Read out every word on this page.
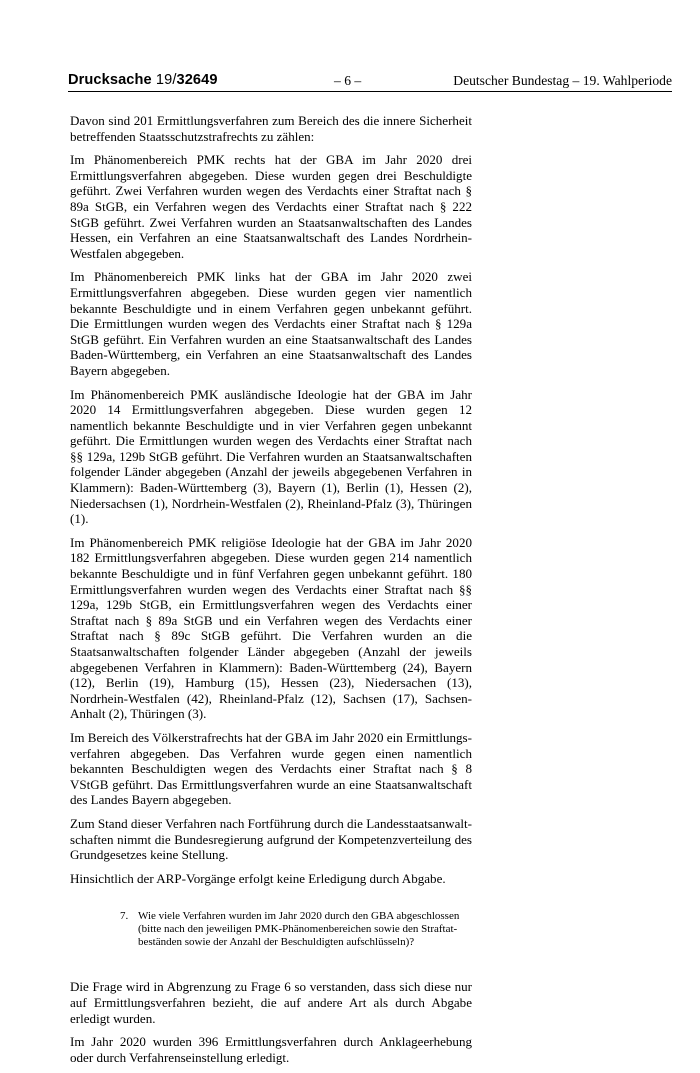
Drucksache 19/32649	– 6 –	Deutscher Bundestag – 19. Wahlperiode

Davon sind 201 Ermittlungsverfahren zum Bereich des die innere Sicherheit betreffenden Staatsschutzstrafrechts zu zählen:

Im Phänomenbereich PMK rechts hat der GBA im Jahr 2020 drei Ermittlungsverfahren abgegeben. Diese wurden gegen drei Beschuldigte geführt. Zwei Verfahren wurden wegen des Verdachts einer Straftat nach § 89a StGB, ein Verfahren wegen des Verdachts einer Straftat nach § 222 StGB geführt. Zwei Verfahren wurden an Staatsanwaltschaften des Landes Hessen, ein Verfahren an eine Staatsanwaltschaft des Landes Nordrhein-Westfalen abgegeben.

Im Phänomenbereich PMK links hat der GBA im Jahr 2020 zwei Ermittlungsverfahren abgegeben. Diese wurden gegen vier namentlich bekannte Beschuldigte und in einem Verfahren gegen unbekannt geführt. Die Ermittlungen wurden wegen des Verdachts einer Straftat nach § 129a StGB geführt. Ein Verfahren wurden an eine Staatsanwaltschaft des Landes Baden-Württemberg, ein Verfahren an eine Staatsanwaltschaft des Landes Bayern abgegeben.

Im Phänomenbereich PMK ausländische Ideologie hat der GBA im Jahr 2020 14 Ermittlungsverfahren abgegeben. Diese wurden gegen 12 namentlich bekannte Beschuldigte und in vier Verfahren gegen unbekannt geführt. Die Ermittlungen wurden wegen des Verdachts einer Straftat nach §§ 129a, 129b StGB geführt. Die Verfahren wurden an Staatsanwaltschaften folgender Länder abgegeben (Anzahl der jeweils abgegebenen Verfahren in Klammern): Baden-Württemberg (3), Bayern (1), Berlin (1), Hessen (2), Niedersachsen (1), Nordrhein-Westfalen (2), Rheinland-Pfalz (3), Thüringen (1).

Im Phänomenbereich PMK religiöse Ideologie hat der GBA im Jahr 2020 182 Ermittlungsverfahren abgegeben. Diese wurden gegen 214 namentlich bekannte Beschuldigte und in fünf Verfahren gegen unbekannt geführt. 180 Ermittlungsverfahren wurden wegen des Verdachts einer Straftat nach §§ 129a, 129b StGB, ein Ermittlungsverfahren wegen des Verdachts einer Straftat nach § 89a StGB und ein Verfahren wegen des Verdachts einer Straftat nach § 89c StGB geführt. Die Verfahren wurden an die Staatsanwaltschaften folgender Länder abgegeben (Anzahl der jeweils abgegebenen Verfahren in Klammern): Baden-Württemberg (24), Bayern (12), Berlin (19), Hamburg (15), Hessen (23), Niedersachen (13), Nordrhein-Westfalen (42), Rheinland-Pfalz (12), Sachsen (17), Sachsen-Anhalt (2), Thüringen (3).

Im Bereich des Völkerstrafrechts hat der GBA im Jahr 2020 ein Ermittlungsverfahren abgegeben. Das Verfahren wurde gegen einen namentlich bekannten Beschuldigten wegen des Verdachts einer Straftat nach § 8 VStGB geführt. Das Ermittlungsverfahren wurde an eine Staatsanwaltschaft des Landes Bayern abgegeben.

Zum Stand dieser Verfahren nach Fortführung durch die Landesstaatsanwaltschaften nimmt die Bundesregierung aufgrund der Kompetenzverteilung des Grundgesetzes keine Stellung.

Hinsichtlich der ARP-Vorgänge erfolgt keine Erledigung durch Abgabe.

7. Wie viele Verfahren wurden im Jahr 2020 durch den GBA abgeschlossen (bitte nach den jeweiligen PMK-Phänomenbereichen sowie den Straftatbeständen sowie der Anzahl der Beschuldigten aufschlüsseln)?

Die Frage wird in Abgrenzung zu Frage 6 so verstanden, dass sich diese nur auf Ermittlungsverfahren bezieht, die auf andere Art als durch Abgabe erledigt wurden.

Im Jahr 2020 wurden 396 Ermittlungsverfahren durch Anklageerhebung oder durch Verfahrenseinstellung erledigt.
